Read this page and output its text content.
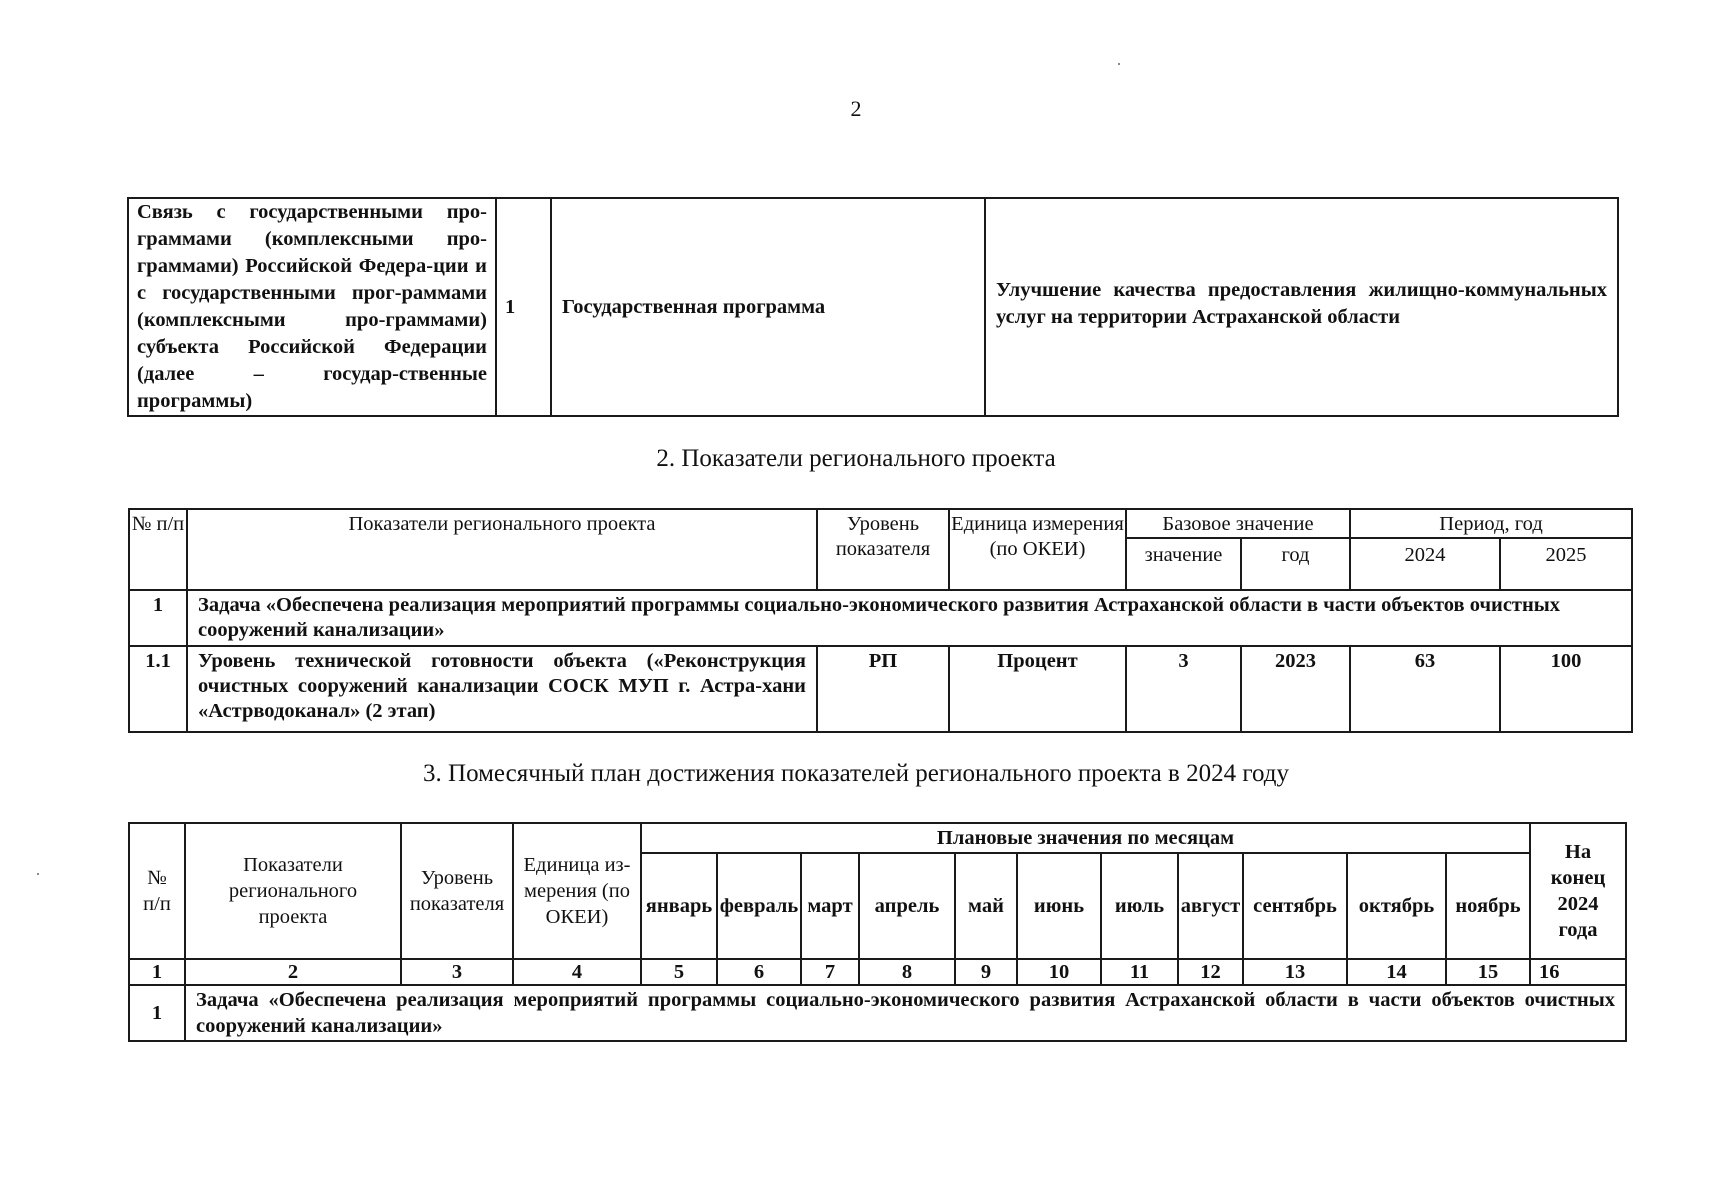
2
Связь с государственными про-граммами (комплексными про-граммами) Российской Федера-ции и с государственными прог-раммами (комплексными про-граммами) субъекта Российской Федерации (далее – государ-ственные программы)	1	Государственная программа	Улучшение качества предоставления жилищно-коммунальных услуг на территории Астраханской области
2. Показатели регионального проекта
№ п/п	Показатели регионального проекта	Уровень показателя	Единица измерения (по ОКЕИ)	Базовое значение		Период, год	
				значение	год	2024	2025
1	Задача «Обеспечена реализация мероприятий программы социально-экономического развития Астраханской области в части объектов очистных сооружений канализации»						
1.1	Уровень технической готовности объекта («Реконструкция очистных сооружений канализации СОСК МУП г. Астра-хани «Астрводоканал» (2 этап)	РП	Процент	3	2023	63	100
3. Помесячный план достижения показателей регионального проекта в 2024 году
№ п/п	Показатели регионального проекта	Уровень показателя	Единица из-мерения (по ОКЕИ)	Плановые значения по месяцам											На конец 2024 года
				январь	февраль	март	апрель	май	июнь	июль	август	сентябрь	октябрь	ноябрь	
1	2	3	4	5	6	7	8	9	10	11	12	13	14	15	16
1	Задача «Обеспечена реализация мероприятий программы социально-экономического развития Астраханской области в части объектов очистных сооружений канализации»														
